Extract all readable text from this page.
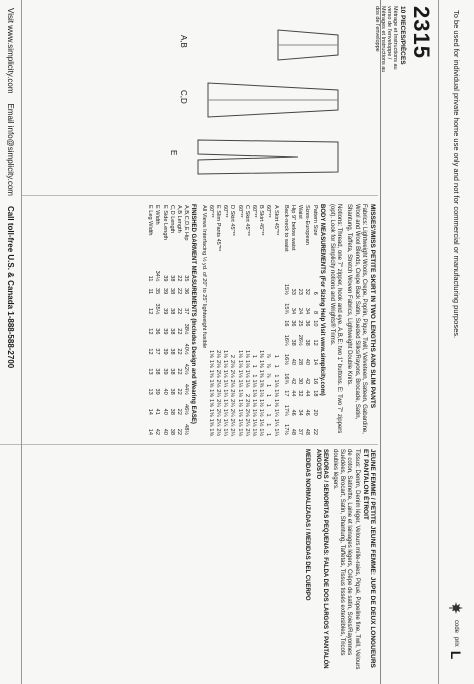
To be used for individual private home use only and not for commercial or manufacturing purposes.
code
prix
L
2315
10 PIECES/PIÈCES
Mètrage et Instructions au verso de l'enveloppe / Métrages et Instructions au dos de l'enveloppe
A,B
C,D
E
MISSES'/MISS PETITE SKIRT IN TWO LENGTHS AND SLIM PANTS

Fabrics: Lightweight Wools, Crepe, Poplin, Pique, Twill, Velveteen, Sateen, Gabardine, Wool and Wool Blends, Crepe Back Satin, Sueded Silks/Rayons, Brocade, Satin, Shantung, Taffeta, Stretch Woven Fabrics, Lightweight Double Knits.

Notions: Thread, one 7" zipper, hook and eye. A,B,E: two 1" buttons. E: Two 7" zippers (opt). Look for Simplicity notions and Wrights® Trims.

BODY MEASUREMENTS (For Sizing Help Visit www.simplicity.com)
Pattern Size	6	8	10	12	14	16	18	20	22
Sizes-European	32	34	36	38	40	42	44	46	48
Waist	23	24	25	26½	28	30	32	34	37
Hip 9" below waist	33	34	36	38	40	42	44	46	48
Back-neck to waist	15½	15¾	16	16¼	16½	16¾	17	17¼	17½
A Skirt 45"**	1	1	1	1⅛	1⅛	1⅛	1¼	1¼	1¼
60"**	⅞	⅞	⅞	1	1	1	1	1	1
B Skirt 45"**	1⅜	1⅜	1⅜	1⅜	1½	1½	1½	1½	1½
60"**	1	1	1	1⅛	1⅛	1⅛	1⅛	1⅛	1⅛
C Skirt 45"**	1⅛	1⅛	1⅛	1⅛	2	2⅛	2⅛	2¼	2¼
60"**	1⅛	1⅛	1⅛	1⅛	1⅛	1⅛	1⅛	1⅛	1⅛
D Skirt 45"**	2	2⅛	2⅛	2⅛	2⅛	2¼	2¼	2¼	2¼
60"**	1⅛	1⅛	1⅛	1¼	1¼	1¼	1¼	1¼	1¼
E Slim Pants 45"**	2⅛	2⅛	2⅛	2⅛	2¼	2¼	2¼	2¼	2½
60"**	1⅝	1⅝	1⅝	1⅝	1⅝	1⅝	1⅝	1⅝	1⅝
All Views Interfacing ½ yd. of 20" to 25" lightweight fusible									
FINISHED GARMENT MEASUREMENTS (Includes Design and Wearing EASE)
A,B,C,D,E Hip	35	36	37	38½	40½	42½	44½	46½	48½
A,B Length	22	22	22	22	22	22	22	22	22
C,D Length	38	38	38	38	38	38	38	38	38
E Side Length	39	39	39	39	39	39	40	40	40
E Width	34½	35	35½	36	37	38	39	41	42
E Leg Width	11	11	12	12	12	13	13	14	14
JEUNE FEMME / PETITE JEUNE FEMME: JUPE DE DEUX LONGUEURS ET PANTALON ÉTROIT

Tissus: Denim, Denim léger, Velours mille-raies, Piqué, Popeline fine, Twill, Velours de coton, Satinette, Laine et lainages légers, Crêpe de satin, Soies/Rayonnes Suédées, Brocart, Satin, Shantung, Taffetas, Tissus tissés extensibles, Tricots doubles légers.

SENORAS / SENORITAS PEQUENAS: FALDA DE DOS LARGOS Y PANTALÓN ANGOSTO
MEDIDAS NORMALIZADAS / MEDIDAS DEL CUERPO
Visit www.simplicity.com
Email info@simplicity.com
Call toll-free U.S. & Canada 1-888-588-2700
